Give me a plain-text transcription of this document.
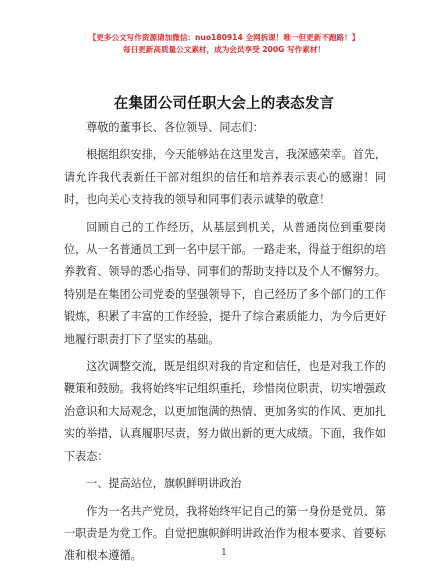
【更多公文写作资源请加微信：nuo180914 全网拆课！唯一但更新不跑路！】
每日更新高质量公文素材，成为会员享受 200G 写作素材！
在集团公司任职大会上的表态发言

尊敬的董事长、各位领导、同志们：

根据组织安排，今天能够站在这里发言，我深感荣幸。首先，请允许我代表新任干部对组织的信任和培养表示衷心的感谢！同时，也向关心支持我的领导和同事们表示诚挚的敬意！

回顾自己的工作经历，从基层到机关，从普通岗位到重要岗位，从一名普通员工到一名中层干部。一路走来，得益于组织的培养教育、领导的悉心指导、同事们的帮助支持以及个人不懈努力。特别是在集团公司党委的坚强领导下，自己经历了多个部门的工作锻炼，积累了丰富的工作经验，提升了综合素质能力，为今后更好地履行职责打下了坚实的基础。

这次调整交流，既是组织对我的肯定和信任，也是对我工作的鞭策和鼓励。我将始终牢记组织重托，珍惜岗位职责，切实增强政治意识和大局观念，以更加饱满的热情、更加务实的作风、更加扎实的举措，认真履职尽责，努力做出新的更大成绩。下面，我作如下表态：

一、提高站位，旗帜鲜明讲政治

作为一名共产党员，我将始终牢记自己的第一身份是党员、第一职责是为党工作。自觉把旗帜鲜明讲政治作为根本要求、首要标准和根本遵循。	1
